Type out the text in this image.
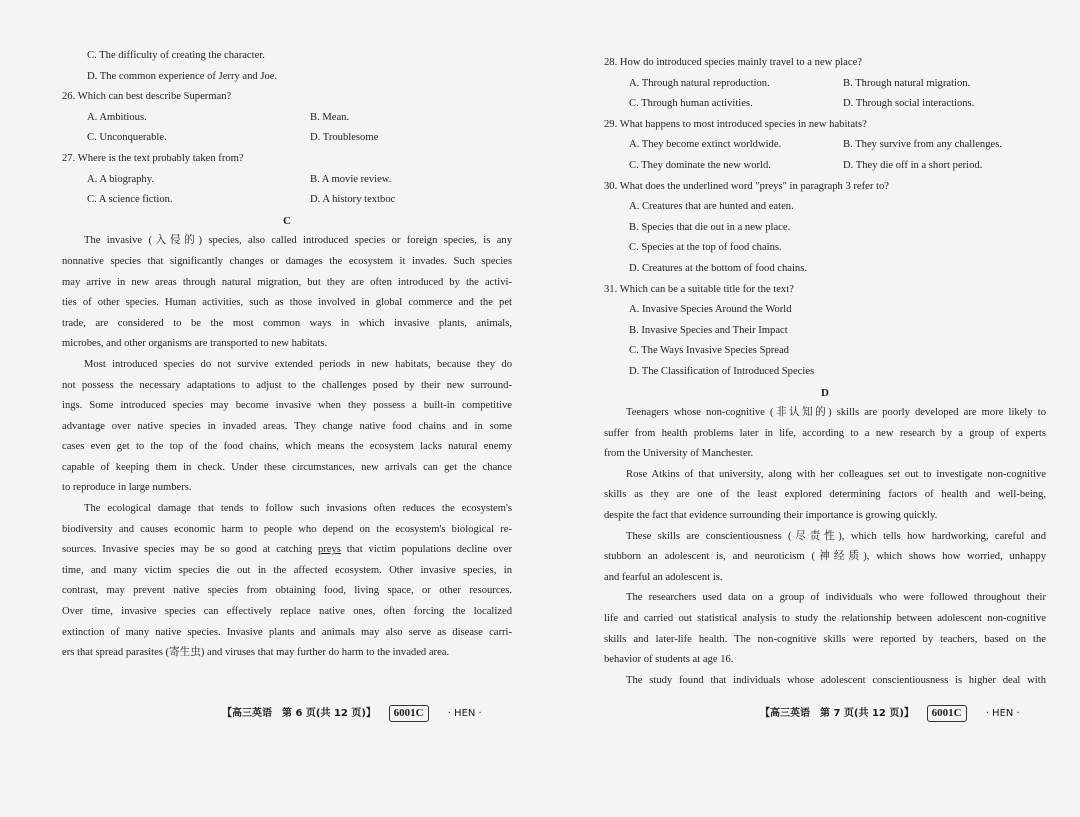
C. The difficulty of creating the character.
D. The common experience of Jerry and Joe.
26. Which can best describe Superman?
A. Ambitious.	B. Mean.
C. Unconquerable.	D. Troublesome
27. Where is the text probably taken from?
A. A biography.	B. A movie review.
C. A science fiction.	D. A history textboc
C
The invasive (入侵的) species, also called introduced species or foreign species, is any
nonnative species that significantly changes or damages the ecosystem it invades. Such species
may arrive in new areas through natural migration, but they are often introduced by the activi-
ties of other species. Human activities, such as those involved in global commerce and the pet
trade, are considered to be the most common ways in which invasive plants, animals,
microbes, and other organisms are transported to new habitats.
Most introduced species do not survive extended periods in new habitats, because they do
not possess the necessary adaptations to adjust to the challenges posed by their new surround-
ings. Some introduced species may become invasive when they possess a built-in competitive
advantage over native species in invaded areas. They change native food chains and in some
cases even get to the top of the food chains, which means the ecosystem lacks natural enemy
capable of keeping them in check. Under these circumstances, new arrivals can get the chance
to reproduce in large numbers.
The ecological damage that tends to follow such invasions often reduces the ecosystem's
biodiversity and causes economic harm to people who depend on the ecosystem's biological re-
sources. Invasive species may be so good at catching preys that victim populations decline over
time, and many victim species die out in the affected ecosystem. Other invasive species, in
contrast, may prevent native species from obtaining food, living space, or other resources.
Over time, invasive species can effectively replace native ones, often forcing the localized
extinction of many native species. Invasive plants and animals may also serve as disease carri-
ers that spread parasites (寄生虫) and viruses that may further do harm to the invaded area.
【高三英语　第 6 页(共 12 页)】 6001C · HEN ·
28. How do introduced species mainly travel to a new place?
A. Through natural reproduction.	B. Through natural migration.
C. Through human activities.	D. Through social interactions.
29. What happens to most introduced species in new habitats?
A. They become extinct worldwide.	B. They survive from any challenges.
C. They dominate the new world.	D. They die off in a short period.
30. What does the underlined word "preys" in paragraph 3 refer to?
A. Creatures that are hunted and eaten.
B. Species that die out in a new place.
C. Species at the top of food chains.
D. Creatures at the bottom of food chains.
31. Which can be a suitable title for the text?
A. Invasive Species Around the World
B. Invasive Species and Their Impact
C. The Ways Invasive Species Spread
D. The Classification of Introduced Species
D
Teenagers whose non-cognitive (非认知的) skills are poorly developed are more likely to
suffer from health problems later in life, according to a new research by a group of experts
from the University of Manchester.
Rose Atkins of that university, along with her colleagues set out to investigate non-cognitive
skills as they are one of the least explored determining factors of health and well-being,
despite the fact that evidence surrounding their importance is growing quickly.
These skills are conscientiousness (尽责性), which tells how hardworking, careful and
stubborn an adolescent is, and neuroticism (神经质), which shows how worried, unhappy
and fearful an adolescent is.
The researchers used data on a group of individuals who were followed throughout their
life and carried out statistical analysis to study the relationship between adolescent non-cognitive
skills and later-life health. The non-cognitive skills were reported by teachers, based on the
behavior of students at age 16.
The study found that individuals whose adolescent conscientiousness is higher deal with
【高三英语　第 7 页(共 12 页)】 6001C · HEN ·
